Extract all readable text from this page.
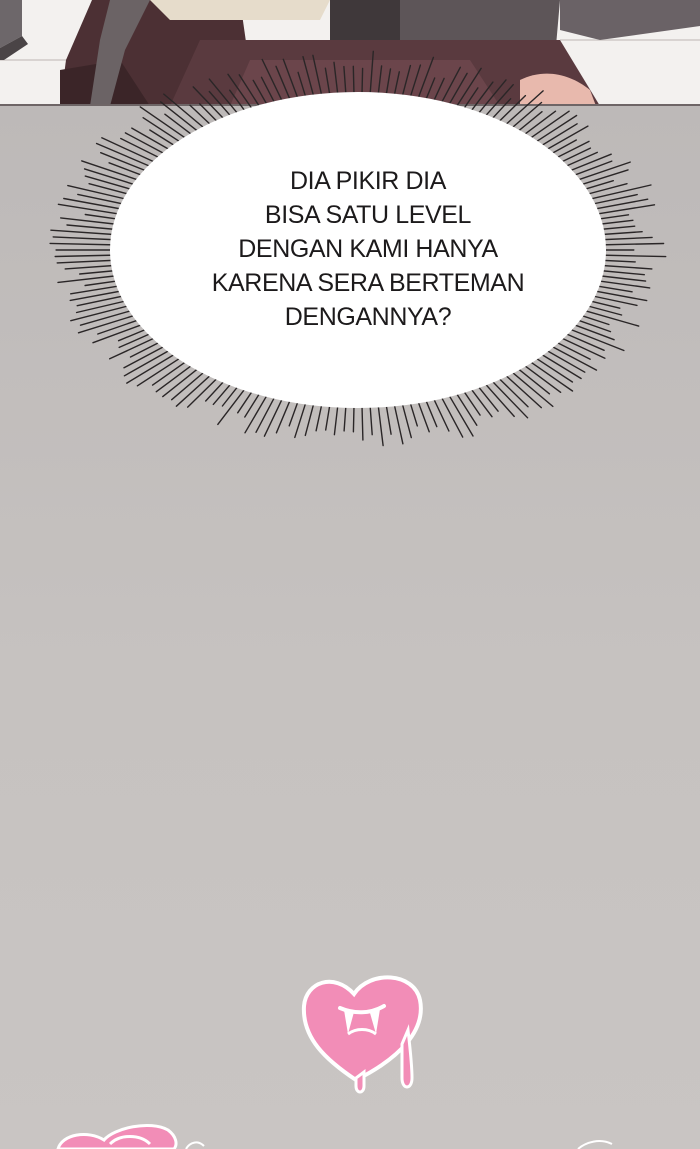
DIA PIKIR DIA
BISA SATU LEVEL
DENGAN KAMI HANYA
KARENA SERA BERTEMAN
DENGANNYA?
